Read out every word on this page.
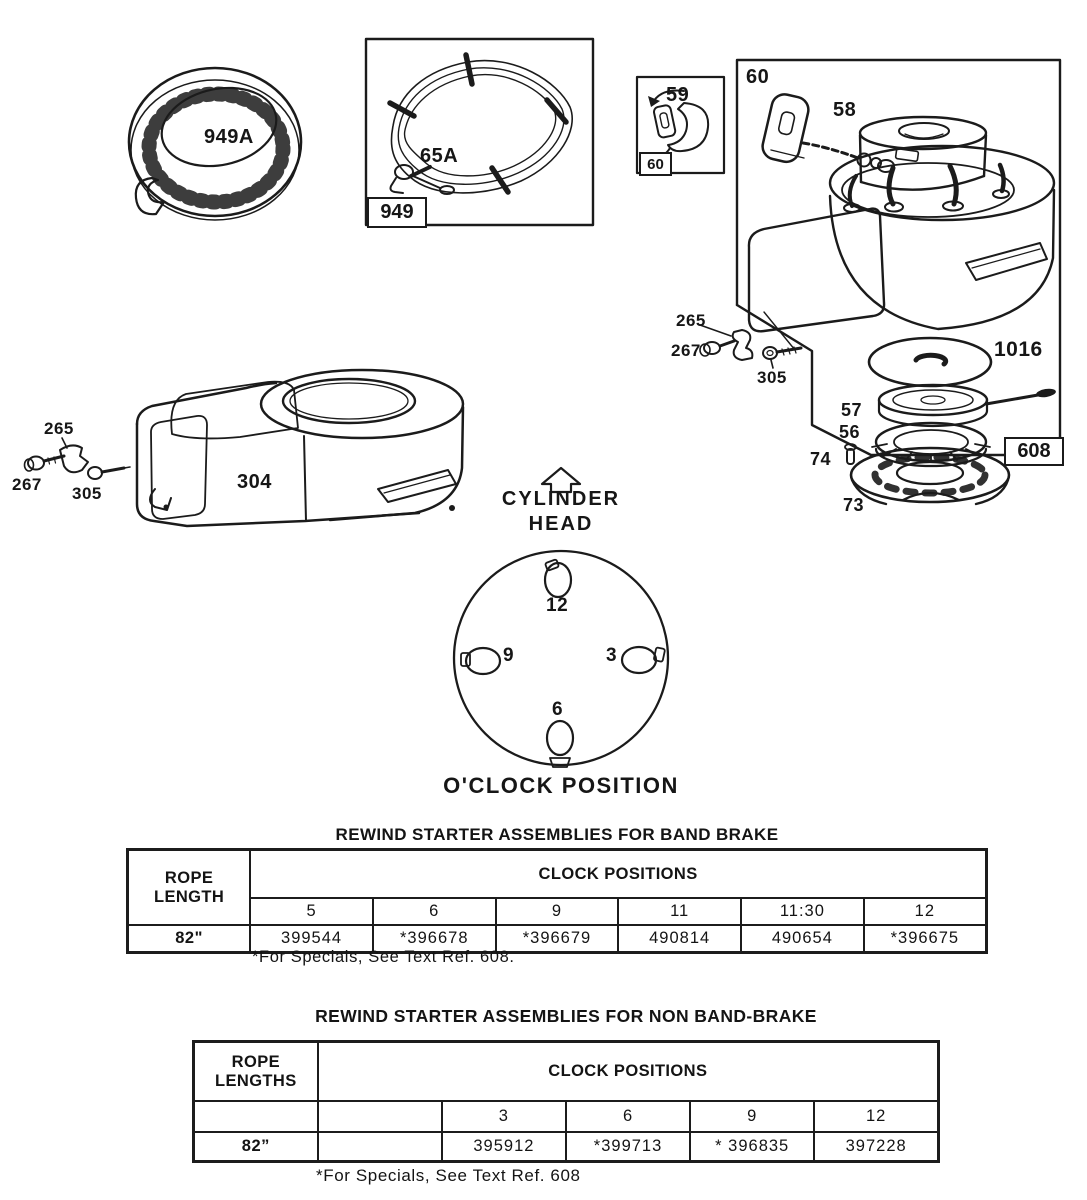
949A
65A
949
59
60
60
58
265
267
305
1016
57
56
74
73
608
265
267 305
304
CYLINDER
HEAD
12
9	3
6
O'CLOCK POSITION
REWIND STARTER ASSEMBLIES FOR BAND BRAKE
ROPE
LENGTH	CLOCK POSITIONS					
	5	6	9	11	11:30	12
82"	399544	*396678	*396679	490814	490654	*396675
*For Specials, See Text Ref. 608.
REWIND STARTER ASSEMBLIES FOR NON BAND-BRAKE
ROPE
LENGTHS	CLOCK POSITIONS				
		3	6	9	12
82”		395912	*399713	* 396835	397228
*For Specials, See Text Ref. 608
